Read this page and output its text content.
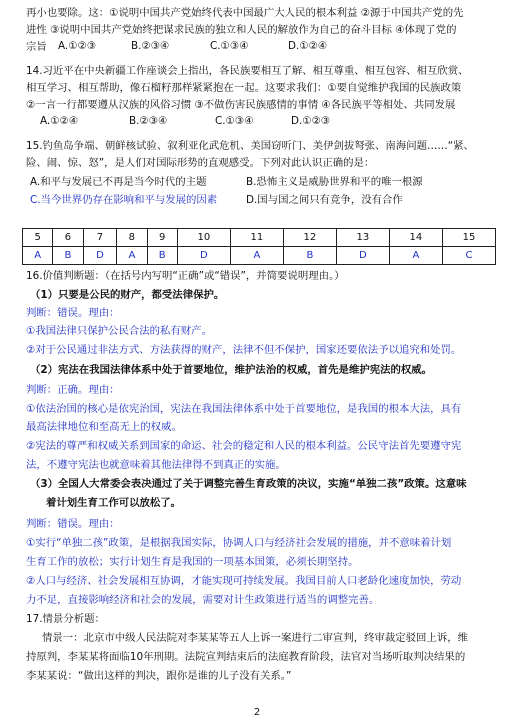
再小也要除。这：①说明中国共产党始终代表中国最广大人民的根本利益 ②源于中国共产党的先
进性 ③说明中国共产党始终把谋求民族的独立和人民的解放作为自己的奋斗目标 ④体现了党的
宗旨 A.①②③	B.②③④	C.①③④	D.①②④
14.习近平在中央新疆工作座谈会上指出，各民族要相互了解、相互尊重、相互包容、相互欣赏、
相互学习、相互帮助，像石榴籽那样紧紧抱在一起。这要求我们：①要自觉维护我国的民族政策
②一言一行都要遵从汉族的风俗习惯 ③不做伤害民族感情的事情 ④各民族平等相处、共同发展
A.①②④	B.②③④	C.①③④	D.①②③
15.钓鱼岛争端、朝鲜核试验、叙利亚化武危机、美国窃听门、美伊剑拔弩张、南海问题……“紧、
险、闹、惊、怒”，是人们对国际形势的直观感受。下列对此认识正确的是：
A.和平与发展已不再是当今时代的主题	B.恐怖主义是威胁世界和平的唯一根源
C.当今世界仍存在影响和平与发展的因素	D.国与国之间只有竞争，没有合作
5	6	7	8	9	10	11	12	13	14	15
A	B	D	A	B	D	A	B	D	A	C
16.价值判断题：（在括号内写明“正确”或“错误”，并简要说明理由。）
（1）只要是公民的财产，都受法律保护。
判断：错误。理由：
①我国法律只保护公民合法的私有财产。
②对于公民通过非法方式、方法获得的财产，法律不但不保护，国家还要依法予以追究和处罚。
（2）宪法在我国法律体系中处于首要地位，维护法治的权威，首先是维护宪法的权威。
判断：正确。理由：
①依法治国的核心是依宪治国，宪法在我国法律体系中处于首要地位，是我国的根本大法，具有
最高法律地位和至高无上的权威。
②宪法的尊严和权威关系到国家的命运、社会的稳定和人民的根本利益。公民守法首先要遵守宪
法，不遵守宪法也就意味着其他法律得不到真正的实施。
（3）全国人大常委会表决通过了关于调整完善生育政策的决议，实施“单独二孩”政策。这意味
着计划生育工作可以放松了。
判断：错误。理由：
①实行“单独二孩”政策，是根据我国实际，协调人口与经济社会发展的措施，并不意味着计划
生育工作的放松；实行计划生育是我国的一项基本国策，必须长期坚持。
②人口与经济、社会发展相互协调，才能实现可持续发展。我国目前人口老龄化速度加快，劳动
力不足，直接影响经济和社会的发展，需要对计生政策进行适当的调整完善。
17.情景分析题：
情景一：北京市中级人民法院对李某某等五人上诉一案进行二审宣判，终审裁定驳回上诉，维
持原判，李某某将面临10年刑期。法院宣判结束后的法庭教育阶段，法官对当场听取判决结果的
李某某说：“做出这样的判决，跟你是谁的儿子没有关系。”
2
